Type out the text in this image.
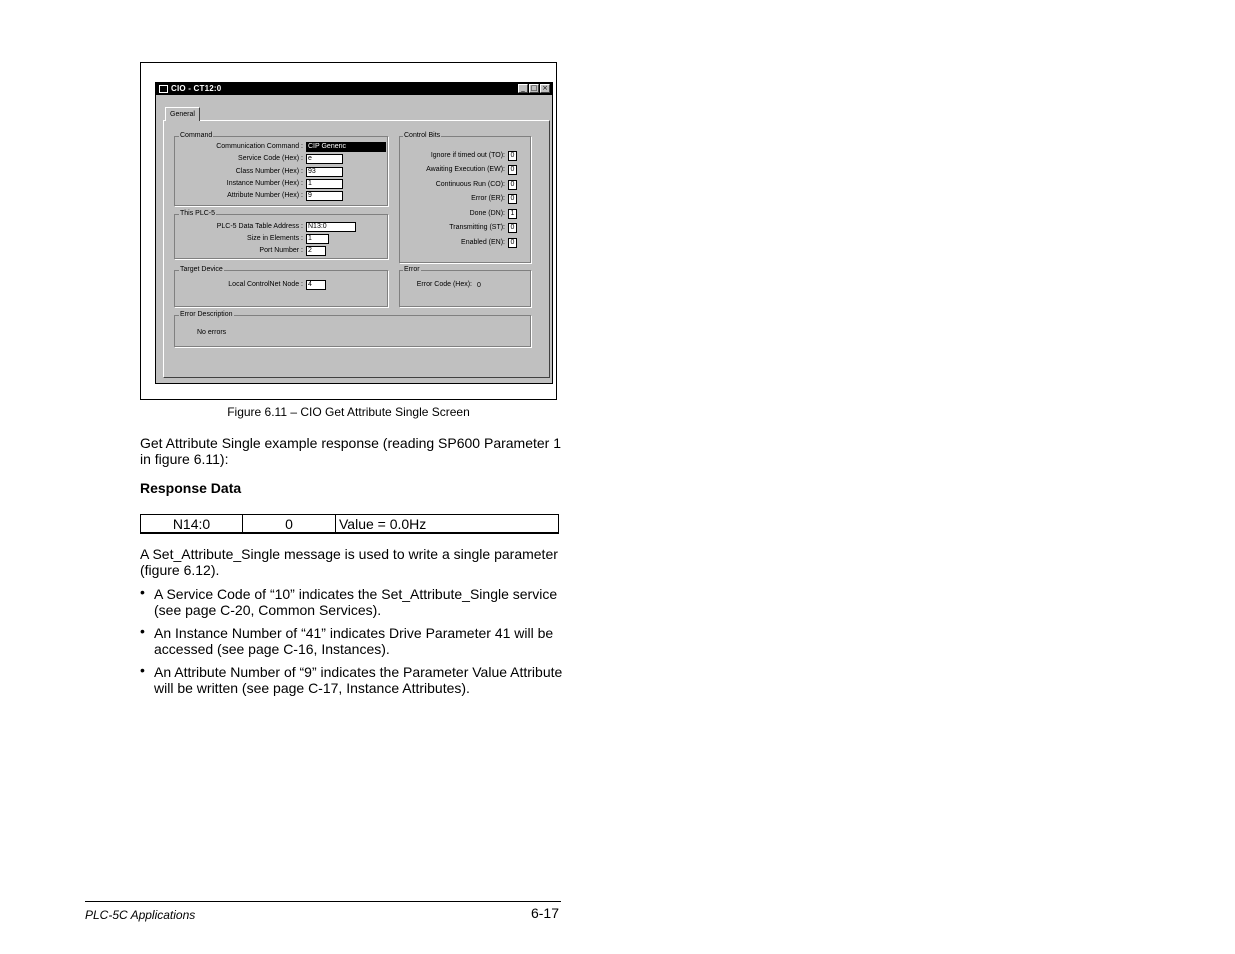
CIO - CT12:0	_ □ ×
General
Command
Communication Command : CIP Generic
Service Code (Hex) : e
Class Number (Hex) : 93
Instance Number (Hex) : 1
Attribute Number (Hex) : 9
This PLC-5
PLC-5 Data Table Address : N13:0
Size in Elements : 1
Port Number : 2
Target Device
Local ControlNet Node : 4
Control Bits
Ignore if timed out (TO): 0
Awaiting Execution (EW): 0
Continuous Run (CO): 0
Error (ER): 0
Done (DN): 1
Transmitting (ST): 0
Enabled (EN): 0
Error
Error Code (Hex): 0
Error Description
No errors
Figure 6.11 – CIO Get Attribute Single Screen
Get Attribute Single example response (reading SP600 Parameter 1 in figure 6.11):
Response Data
N14:0	0	Value = 0.0Hz
A Set_Attribute_Single message is used to write a single parameter (figure 6.12).
• A Service Code of “10” indicates the Set_Attribute_Single service (see page C-20, Common Services).
• An Instance Number of “41” indicates Drive Parameter 41 will be accessed (see page C-16, Instances).
• An Attribute Number of “9” indicates the Parameter Value Attribute will be written (see page C-17, Instance Attributes).
PLC-5C Applications	6-17
